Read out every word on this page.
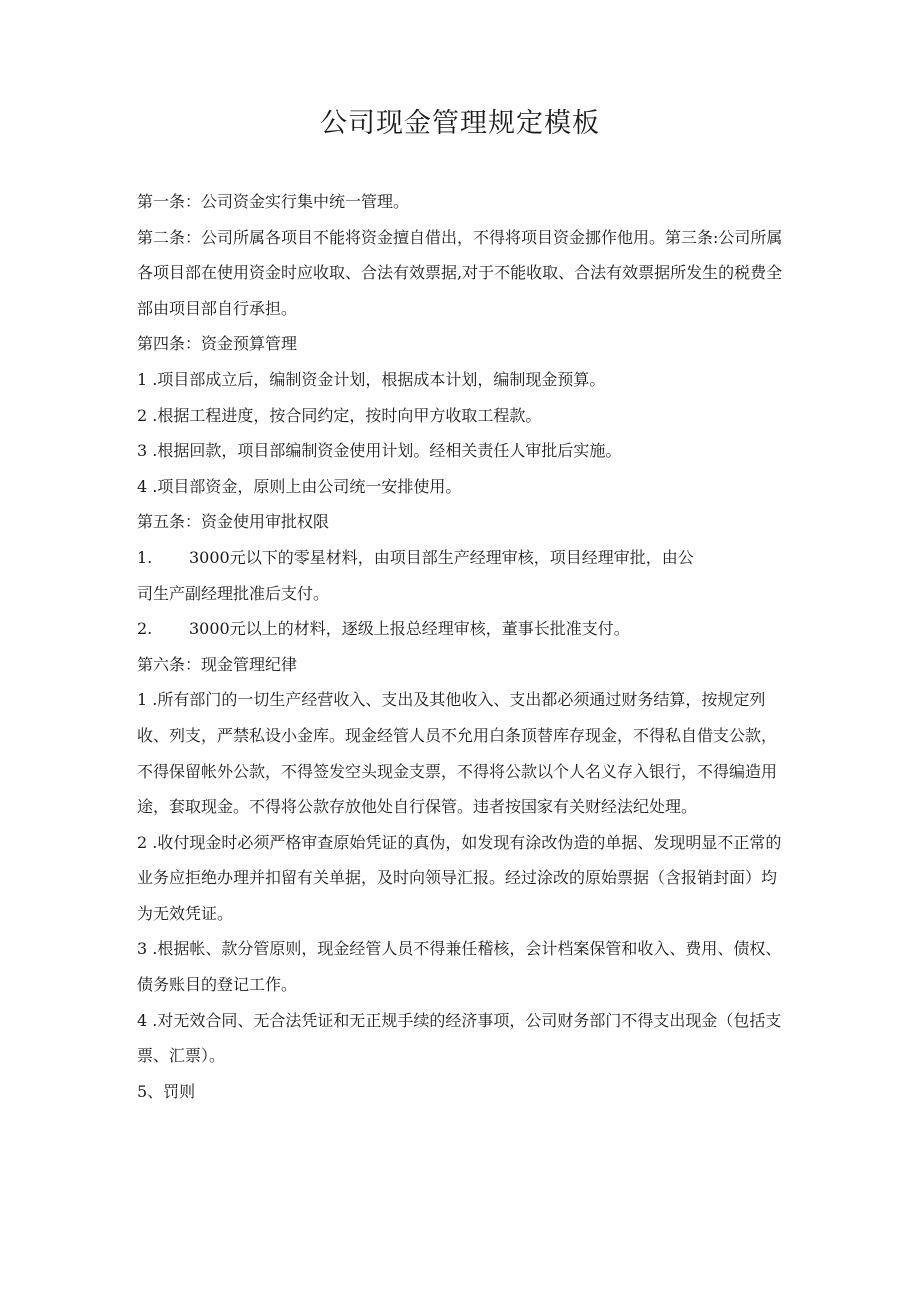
公司现金管理规定模板

第一条：公司资金实行集中统一管理。

第二条：公司所属各项目不能将资金擅自借出，不得将项目资金挪作他用。第三条:公司所属各项目部在使用资金时应收取、合法有效票据,对于不能收取、合法有效票据所发生的税费全部由项目部自行承担。

第四条：资金预算管理

1 .项目部成立后，编制资金计划，根据成本计划，编制现金预算。

2 .根据工程进度，按合同约定，按时向甲方收取工程款。

3 .根据回款，项目部编制资金使用计划。经相关责任人审批后实施。

4 .项目部资金，原则上由公司统一安排使用。

第五条：资金使用审批权限

1. 3000元以下的零星材料，由项目部生产经理审核，项目经理审批，由公

司生产副经理批准后支付。

2. 3000元以上的材料，逐级上报总经理审核，董事长批准支付。

第六条：现金管理纪律

1 .所有部门的一切生产经营收入、支出及其他收入、支出都必须通过财务结算，按规定列收、列支，严禁私设小金库。现金经管人员不允用白条顶替库存现金，不得私自借支公款，不得保留帐外公款，不得签发空头现金支票，不得将公款以个人名义存入银行，不得编造用途，套取现金。不得将公款存放他处自行保管。违者按国家有关财经法纪处理。

2 .收付现金时必须严格审查原始凭证的真伪，如发现有涂改伪造的单据、发现明显不正常的业务应拒绝办理并扣留有关单据，及时向领导汇报。经过涂改的原始票据（含报销封面）均为无效凭证。

3 .根据帐、款分管原则，现金经管人员不得兼任稽核，会计档案保管和收入、费用、债权、债务账目的登记工作。

4 .对无效合同、无合法凭证和无正规手续的经济事项，公司财务部门不得支出现金（包括支票、汇票）。

5、罚则
